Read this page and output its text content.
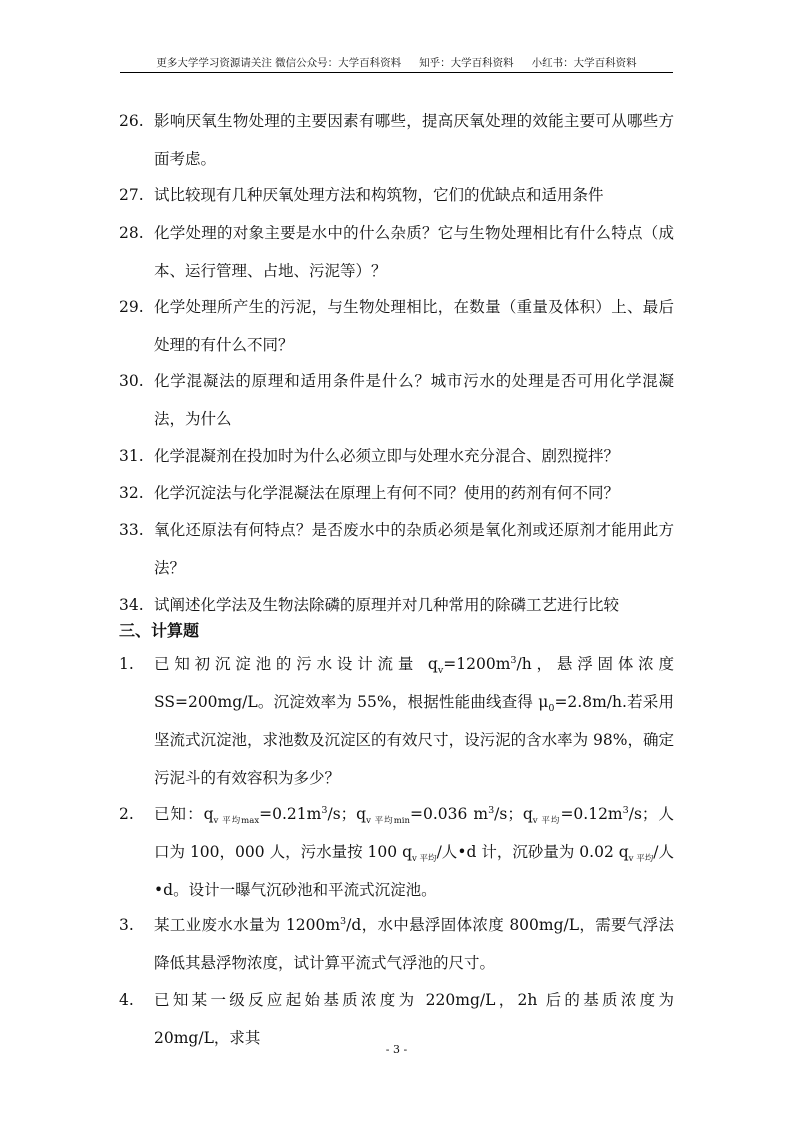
更多大学学习资源请关注 微信公众号：大学百科资料 知乎：大学百科资料 小红书：大学百科资料
26. 影响厌氧生物处理的主要因素有哪些，提高厌氧处理的效能主要可从哪些方面考虑。
27. 试比较现有几种厌氧处理方法和构筑物，它们的优缺点和适用条件
28. 化学处理的对象主要是水中的什么杂质？它与生物处理相比有什么特点（成本、运行管理、占地、污泥等）？
29. 化学处理所产生的污泥，与生物处理相比，在数量（重量及体积）上、最后处理的有什么不同？
30. 化学混凝法的原理和适用条件是什么？城市污水的处理是否可用化学混凝法，为什么
31. 化学混凝剂在投加时为什么必须立即与处理水充分混合、剧烈搅拌？
32. 化学沉淀法与化学混凝法在原理上有何不同？使用的药剂有何不同？
33. 氧化还原法有何特点？是否废水中的杂质必须是氧化剂或还原剂才能用此方法？
34. 试阐述化学法及生物法除磷的原理并对几种常用的除磷工艺进行比较
三、计算题
1. 已知初沉淀池的污水设计流量 $q_v=1200m^3/h$，悬浮固体浓度 SS=200mg/L。沉淀效率为 55%，根据性能曲线查得 $\mu_0=2.8m/h$.若采用坚流式沉淀池，求池数及沉淀区的有效尺寸，设污泥的含水率为 98%，确定污泥斗的有效容积为多少？
2. 已知：$q_{v 平均max}=0.21m^3/s$；$q_{v 平均min}=0.036$ $m^3/s$；$q_{v 平均}=0.12m^3/s$；人口为 100，000 人，污水量按 100 $q_{v 平均}/$人•d 计，沉砂量为 0.02 $q_{v 平均}/$人•d。设计一曝气沉砂池和平流式沉淀池。
3. 某工业废水水量为 $1200m^3/d$，水中悬浮固体浓度 800mg/L，需要气浮法降低其悬浮物浓度，试计算平流式气浮池的尺寸。
4. 已知某一级反应起始基质浓度为 220mg/L，2h 后的基质浓度为 20mg/L，求其
- 3 -
